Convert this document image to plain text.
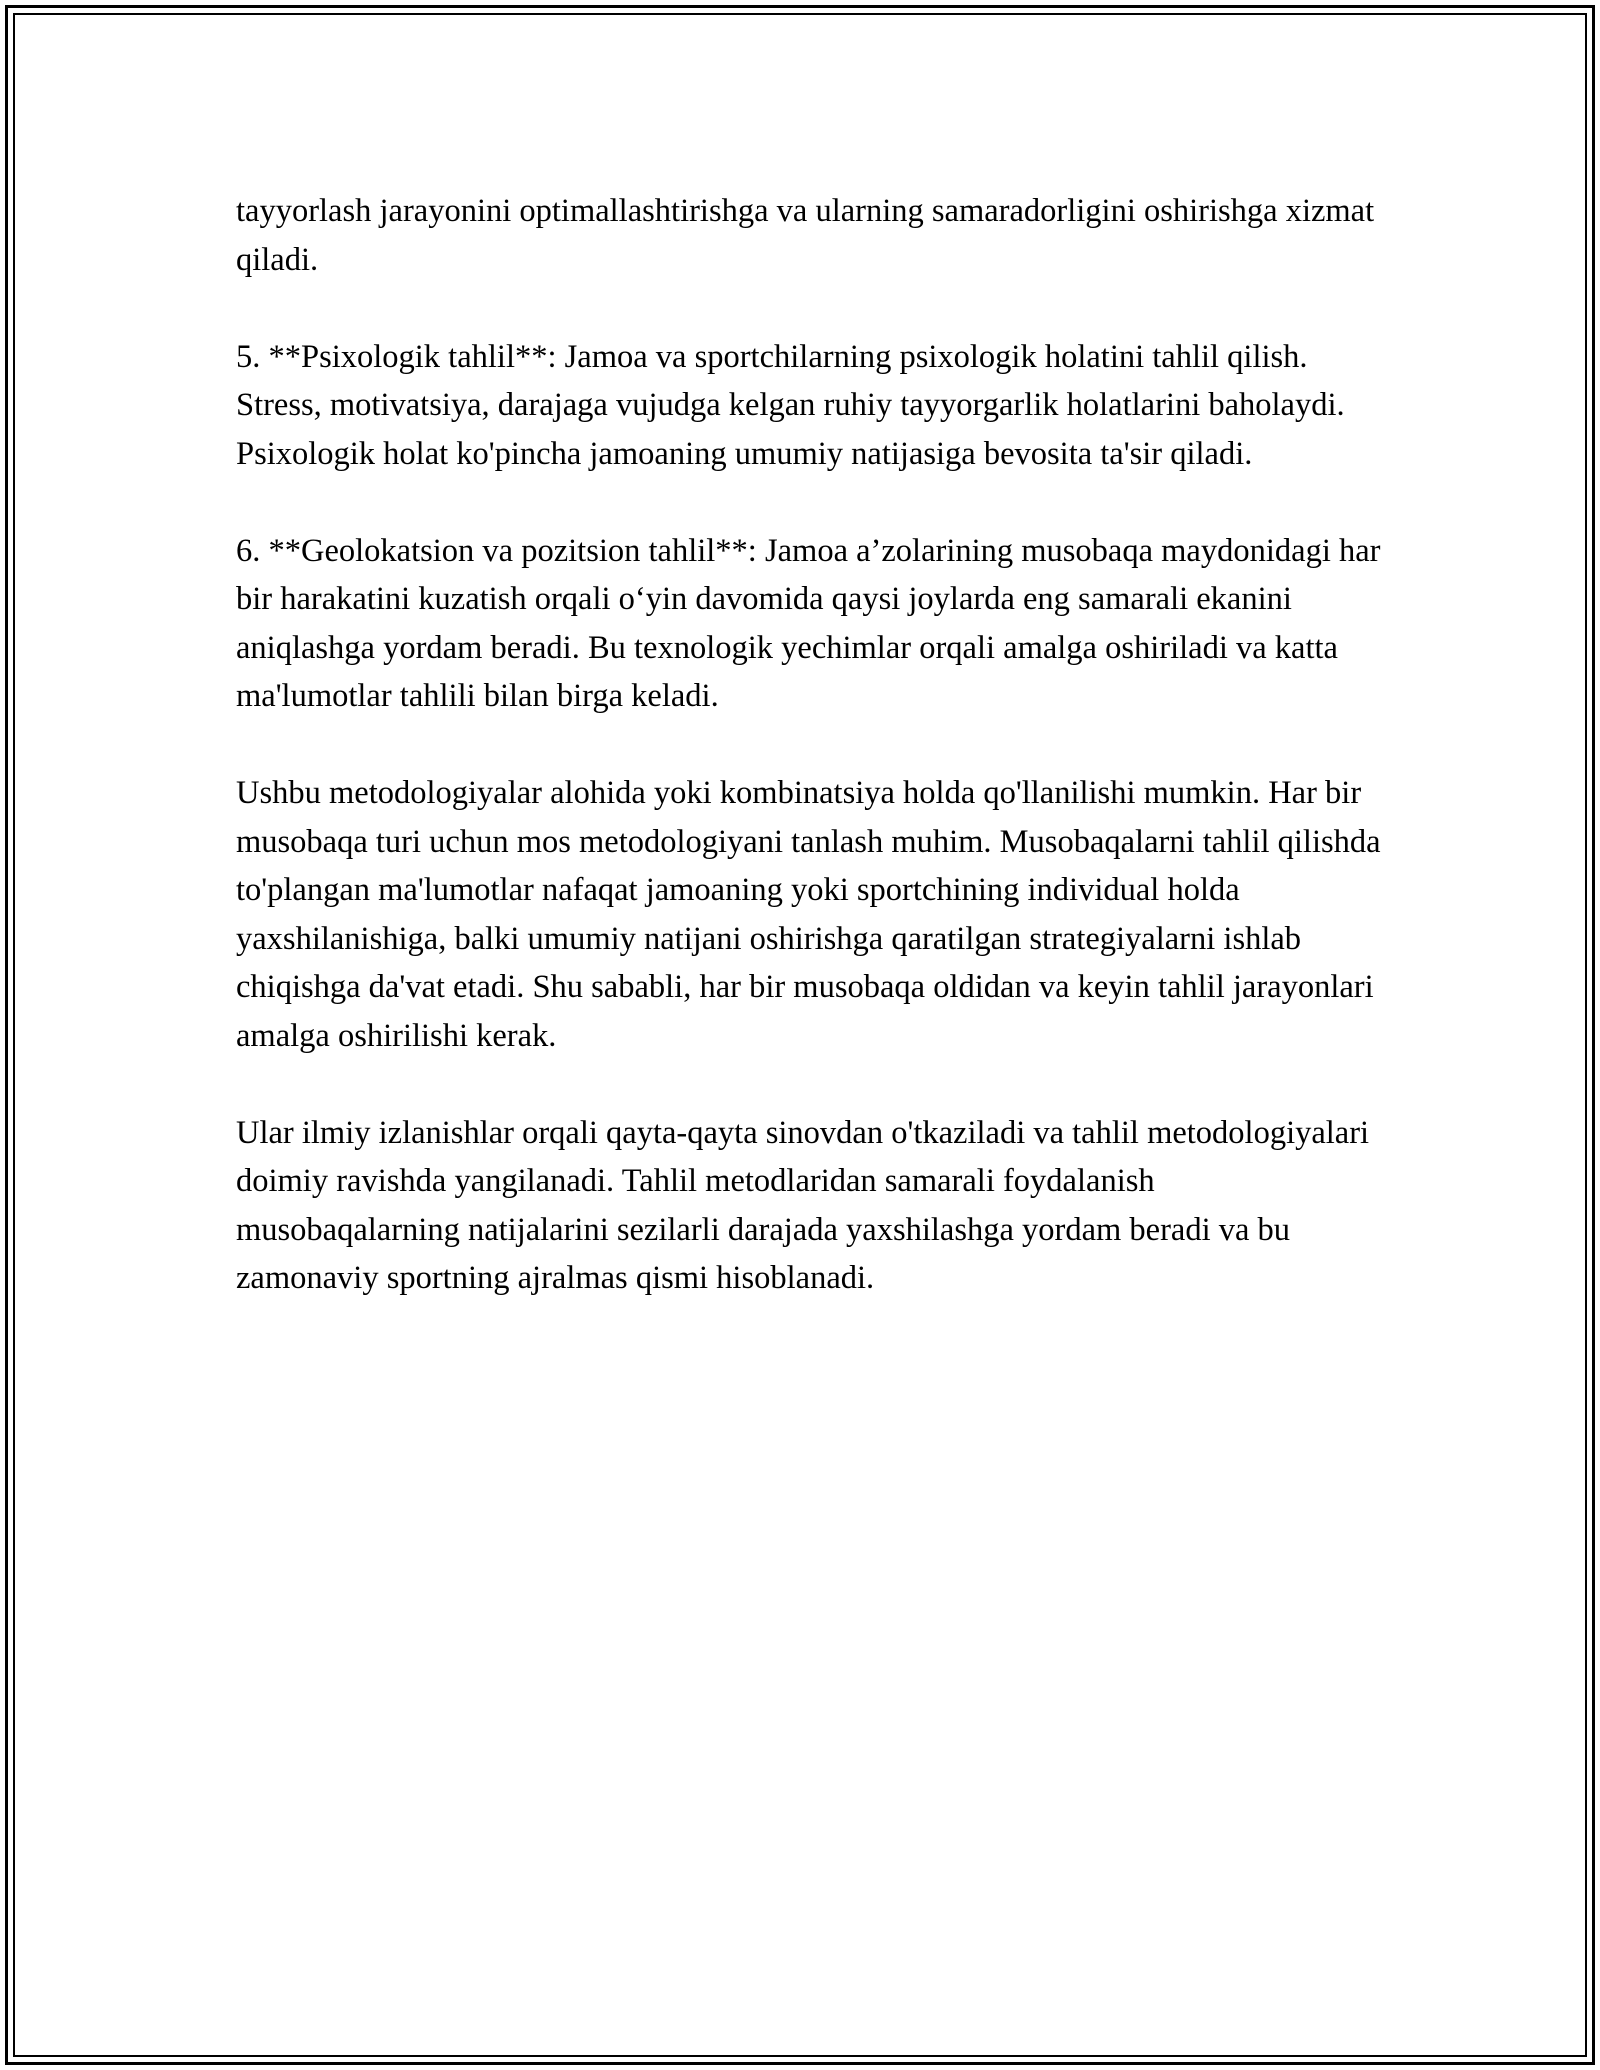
tayyorlash jarayonini optimallashtirishga va ularning samaradorligini oshirishga xizmat qiladi.

5. **Psixologik tahlil**: Jamoa va sportchilarning psixologik holatini tahlil qilish. Stress, motivatsiya, darajaga vujudga kelgan ruhiy tayyorgarlik holatlarini baholaydi. Psixologik holat ko'pincha jamoaning umumiy natijasiga bevosita ta'sir qiladi.

6. **Geolokatsion va pozitsion tahlil**: Jamoa a’zolarining musobaqa maydonidagi har bir harakatini kuzatish orqali o‘yin davomida qaysi joylarda eng samarali ekanini aniqlashga yordam beradi. Bu texnologik yechimlar orqali amalga oshiriladi va katta ma'lumotlar tahlili bilan birga keladi.

Ushbu metodologiyalar alohida yoki kombinatsiya holda qo'llanilishi mumkin. Har bir musobaqa turi uchun mos metodologiyani tanlash muhim. Musobaqalarni tahlil qilishda to'plangan ma'lumotlar nafaqat jamoaning yoki sportchining individual holda yaxshilanishiga, balki umumiy natijani oshirishga qaratilgan strategiyalarni ishlab chiqishga da'vat etadi. Shu sababli, har bir musobaqa oldidan va keyin tahlil jarayonlari amalga oshirilishi kerak.

Ular ilmiy izlanishlar orqali qayta-qayta sinovdan o'tkaziladi va tahlil metodologiyalari doimiy ravishda yangilanadi. Tahlil metodlaridan samarali foydalanish musobaqalarning natijalarini sezilarli darajada yaxshilashga yordam beradi va bu zamonaviy sportning ajralmas qismi hisoblanadi.
